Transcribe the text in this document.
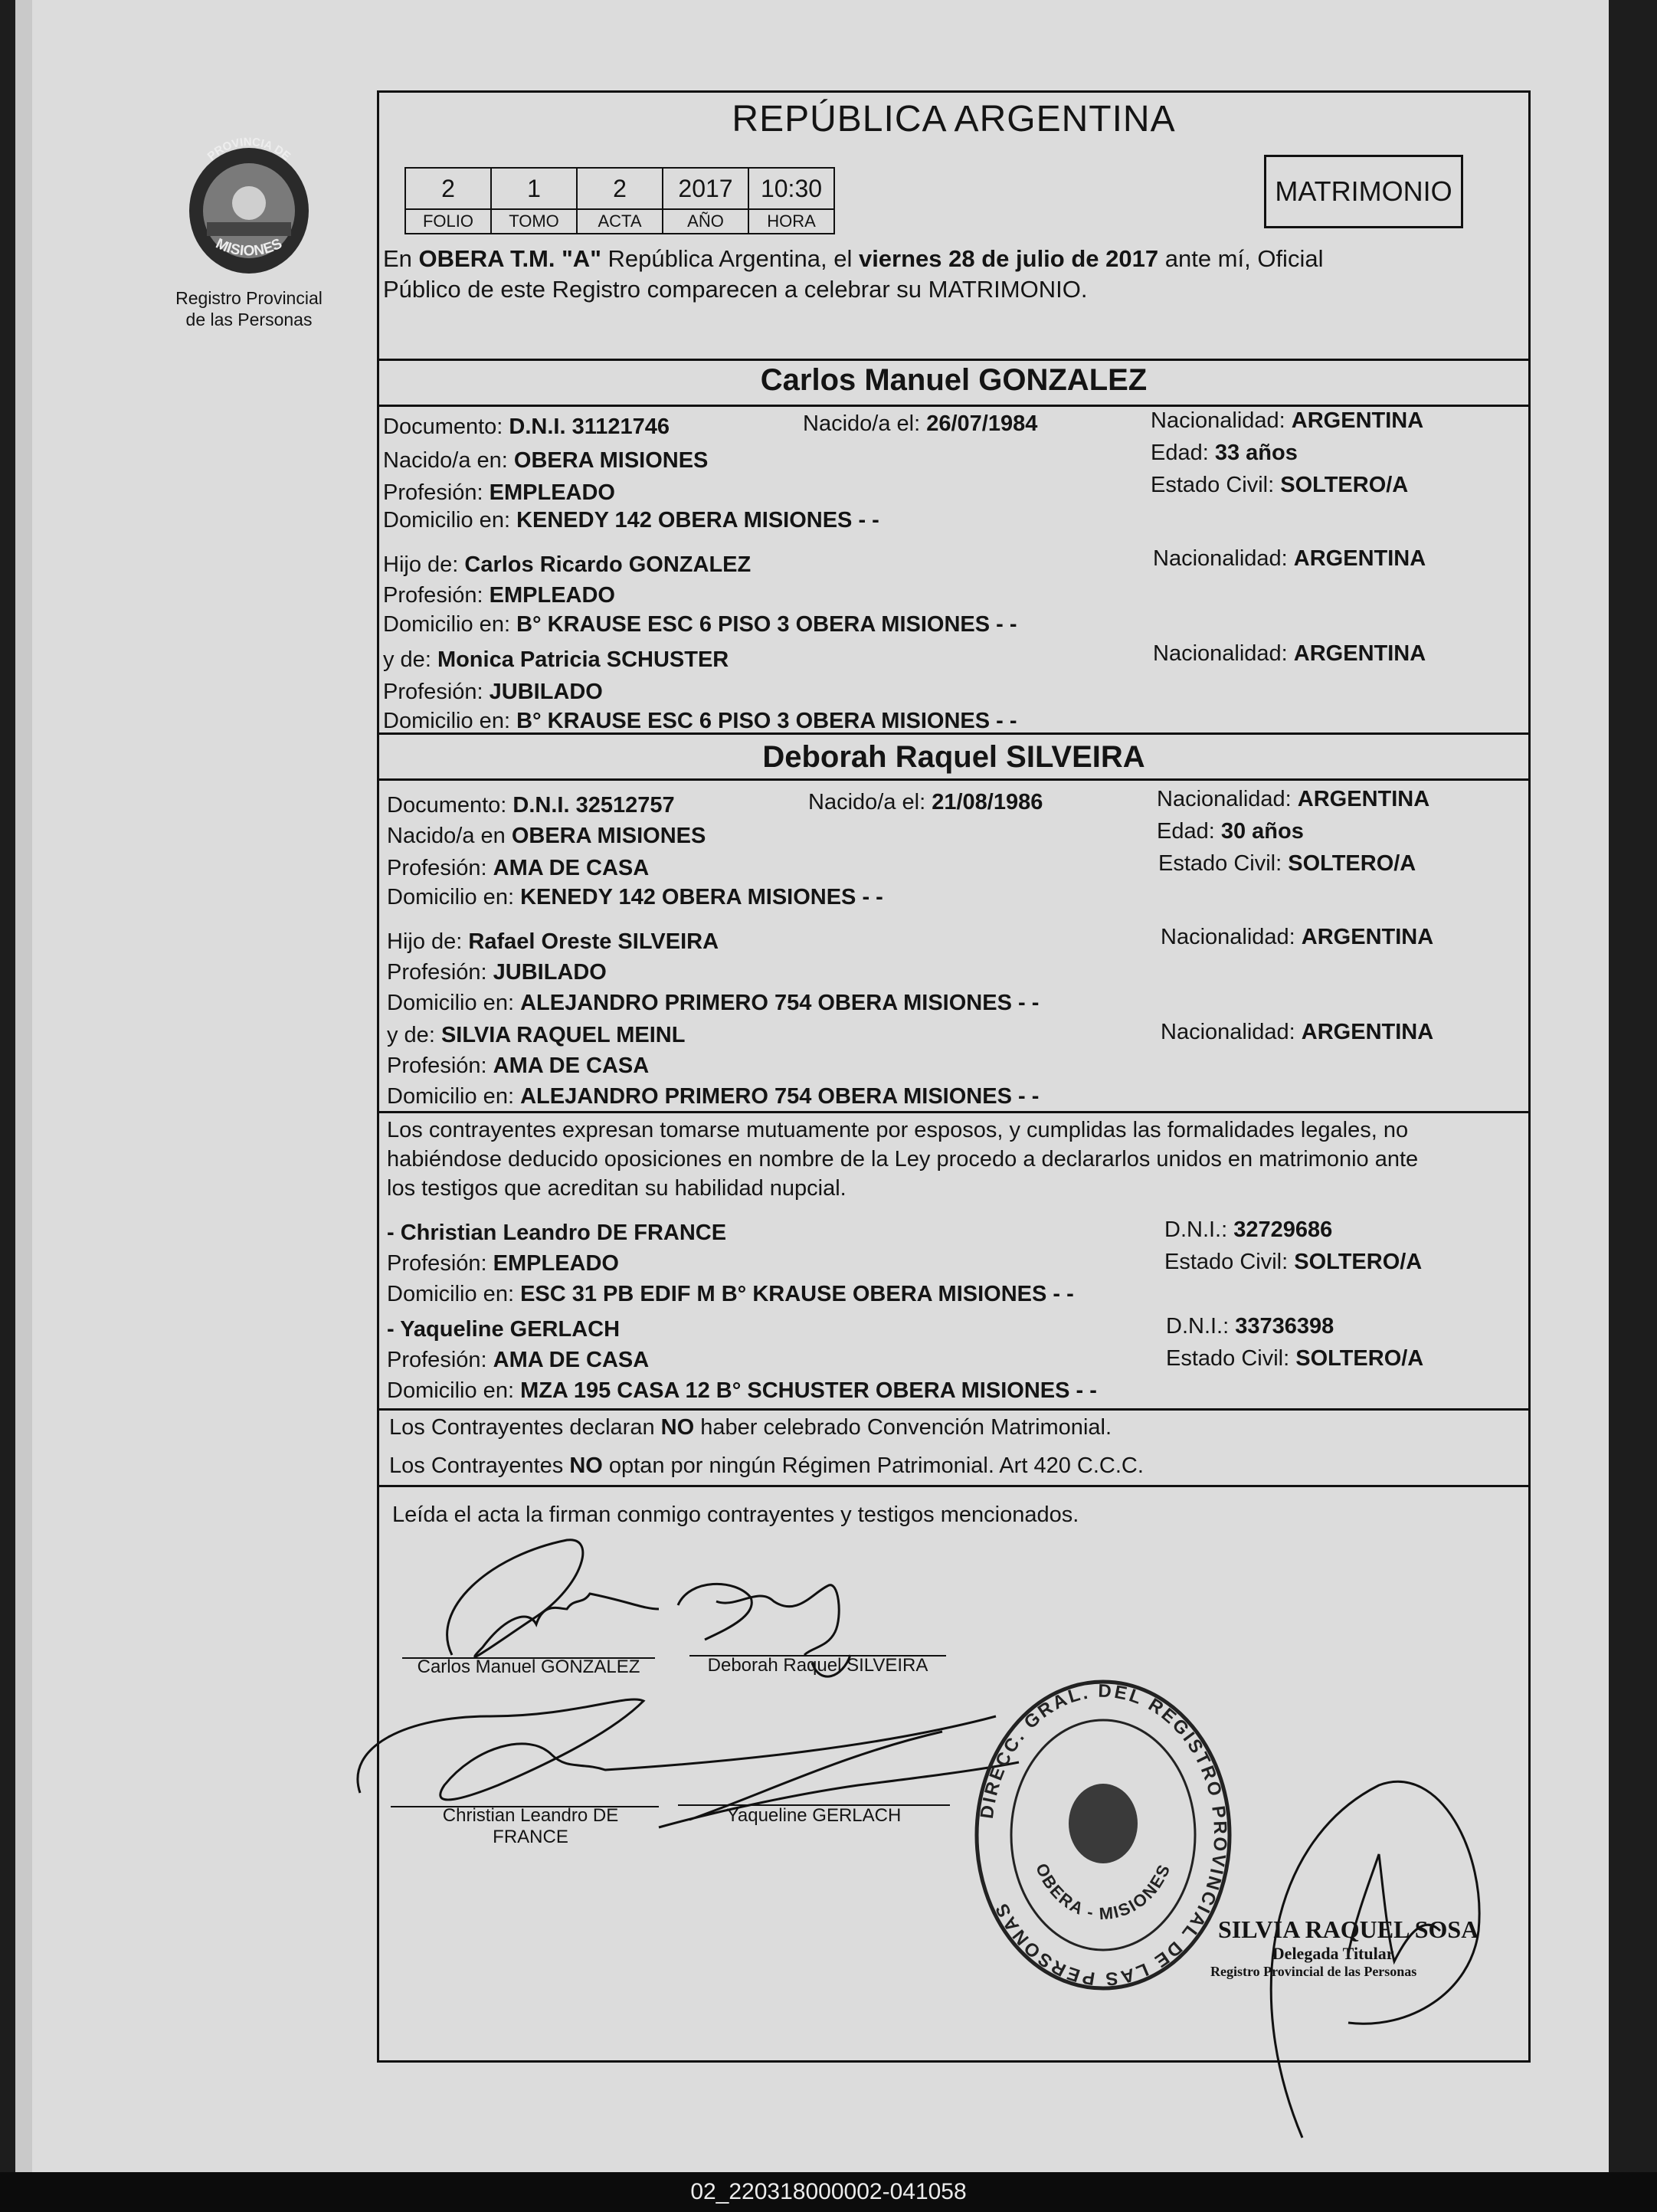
PROVINCIA DE
MISIONES
Registro Provincial
de las Personas
REPÚBLICA ARGENTINA
2	1	2	2017	10:30
FOLIO	TOMO	ACTA	AÑO	HORA
MATRIMONIO
En OBERA T.M. "A" República Argentina, el viernes 28 de julio de 2017 ante mí, Oficial
Público de este Registro comparecen a celebrar su MATRIMONIO.
Carlos Manuel GONZALEZ
Documento: D.N.I. 31121746	Nacido/a el: 26/07/1984	Nacionalidad: ARGENTINA
Nacido/a en: OBERA MISIONES	Edad: 33 años
Profesión: EMPLEADO	Estado Civil: SOLTERO/A
Domicilio en: KENEDY 142 OBERA MISIONES - -
Hijo de: Carlos Ricardo GONZALEZ	Nacionalidad: ARGENTINA
Profesión: EMPLEADO
Domicilio en: B° KRAUSE ESC 6 PISO 3 OBERA MISIONES - -
y de: Monica Patricia SCHUSTER	Nacionalidad: ARGENTINA
Profesión: JUBILADO
Domicilio en: B° KRAUSE ESC 6 PISO 3 OBERA MISIONES - -
Deborah Raquel SILVEIRA
Documento: D.N.I. 32512757	Nacido/a el: 21/08/1986	Nacionalidad: ARGENTINA
Nacido/a en OBERA MISIONES	Edad: 30 años
Profesión: AMA DE CASA	Estado Civil: SOLTERO/A
Domicilio en: KENEDY 142 OBERA MISIONES - -
Hijo de: Rafael Oreste SILVEIRA	Nacionalidad: ARGENTINA
Profesión: JUBILADO
Domicilio en: ALEJANDRO PRIMERO 754 OBERA MISIONES - -
y de: SILVIA RAQUEL MEINL	Nacionalidad: ARGENTINA
Profesión: AMA DE CASA
Domicilio en: ALEJANDRO PRIMERO 754 OBERA MISIONES - -
Los contrayentes expresan tomarse mutuamente por esposos, y cumplidas las formalidades legales, no
habiéndose deducido oposiciones en nombre de la Ley procedo a declararlos unidos en matrimonio ante
los testigos que acreditan su habilidad nupcial.
- Christian Leandro DE FRANCE	D.N.I.: 32729686
Profesión: EMPLEADO	Estado Civil: SOLTERO/A
Domicilio en: ESC 31 PB EDIF M B° KRAUSE OBERA MISIONES - -
- Yaqueline GERLACH	D.N.I.: 33736398
Profesión: AMA DE CASA	Estado Civil: SOLTERO/A
Domicilio en: MZA 195 CASA 12 B° SCHUSTER OBERA MISIONES - -
Los Contrayentes declaran NO haber celebrado Convención Matrimonial.
Los Contrayentes NO optan por ningún Régimen Patrimonial. Art 420 C.C.C.
Leída el acta la firman conmigo contrayentes y testigos mencionados.
Carlos Manuel GONZALEZ	Deborah Raquel SILVEIRA
Christian Leandro DE
FRANCE
Yaqueline GERLACH	DIRECC. GRAL. DEL REGISTRO PROVINCIAL DE LAS PERSONAS
OBERA - MISIONES
SILVIA RAQUEL SOSA
Delegada Titular
Registro Provincial de las Personas
02_220318000002-041058
